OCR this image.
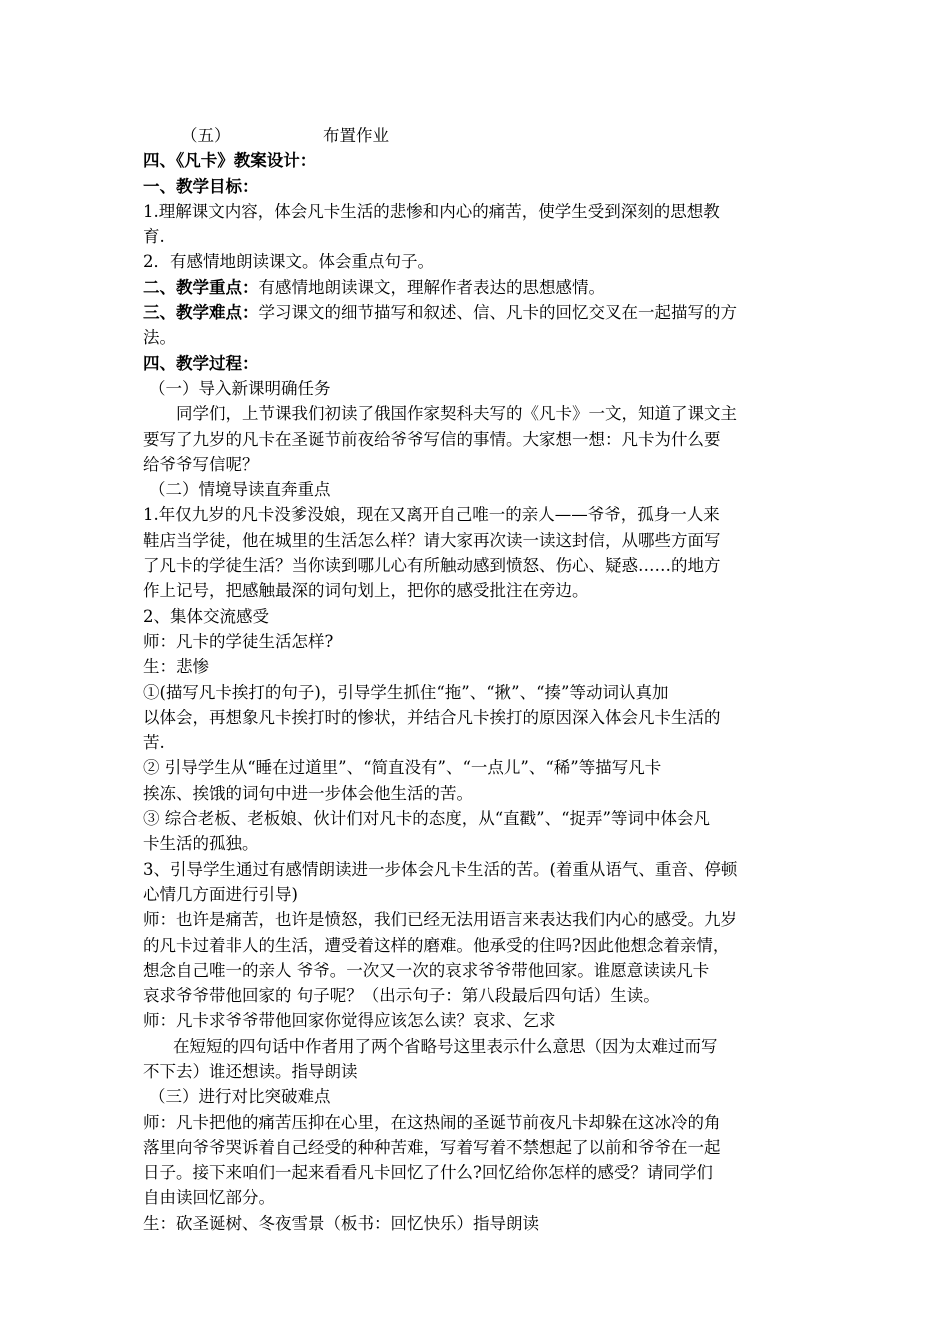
（五）	布置作业
四、《凡卡》教案设计：
一、教学目标：
1.理解课文内容，体会凡卡生活的悲惨和内心的痛苦，使学生受到深刻的思想教
育.
2．有感情地朗读课文。体会重点句子。
二、教学重点：有感情地朗读课文，理解作者表达的思想感情。
三、教学难点：学习课文的细节描写和叙述、信、凡卡的回忆交叉在一起描写的方
法。
四、教学过程：
（一）导入新课明确任务
同学们，上节课我们初读了俄国作家契科夫写的《凡卡》一文，知道了课文主
要写了九岁的凡卡在圣诞节前夜给爷爷写信的事情。大家想一想：凡卡为什么要
给爷爷写信呢？
（二）情境导读直奔重点
1.年仅九岁的凡卡没爹没娘，现在又离开自己唯一的亲人——爷爷，孤身一人来
鞋店当学徒，他在城里的生活怎么样？请大家再次读一读这封信，从哪些方面写
了凡卡的学徒生活？当你读到哪儿心有所触动感到愤怒、伤心、疑惑……的地方
作上记号，把感触最深的词句划上，把你的感受批注在旁边。
2、集体交流感受
师：凡卡的学徒生活怎样?
生：悲惨
①(描写凡卡挨打的句子)，引导学生抓住“拖”、“揪”、“揍”等动词认真加
以体会，再想象凡卡挨打时的惨状，并结合凡卡挨打的原因深入体会凡卡生活的
苦.
② 引导学生从“睡在过道里”、“简直没有”、“一点儿”、“稀”等描写凡卡
挨冻、挨饿的词句中进一步体会他生活的苦。
③ 综合老板、老板娘、伙计们对凡卡的态度，从“直戳”、“捉弄”等词中体会凡
卡生活的孤独。
3、引导学生通过有感情朗读进一步体会凡卡生活的苦。(着重从语气、重音、停顿
心情几方面进行引导)
师：也许是痛苦，也许是愤怒，我们已经无法用语言来表达我们内心的感受。九岁
的凡卡过着非人的生活，遭受着这样的磨难。他承受的住吗?因此他想念着亲情，
想念自己唯一的亲人 爷爷。一次又一次的哀求爷爷带他回家。谁愿意读读凡卡
哀求爷爷带他回家的 句子呢？（出示句子：第八段最后四句话）生读。
师：凡卡求爷爷带他回家你觉得应该怎么读？哀求、乞求
在短短的四句话中作者用了两个省略号这里表示什么意思（因为太难过而写
不下去）谁还想读。指导朗读
（三）进行对比突破难点
师：凡卡把他的痛苦压抑在心里，在这热闹的圣诞节前夜凡卡却躲在这冰冷的角
落里向爷爷哭诉着自己经受的种种苦难，写着写着不禁想起了以前和爷爷在一起
日子。接下来咱们一起来看看凡卡回忆了什么?回忆给你怎样的感受？请同学们
自由读回忆部分。
生：砍圣诞树、冬夜雪景（板书：回忆快乐）指导朗读
